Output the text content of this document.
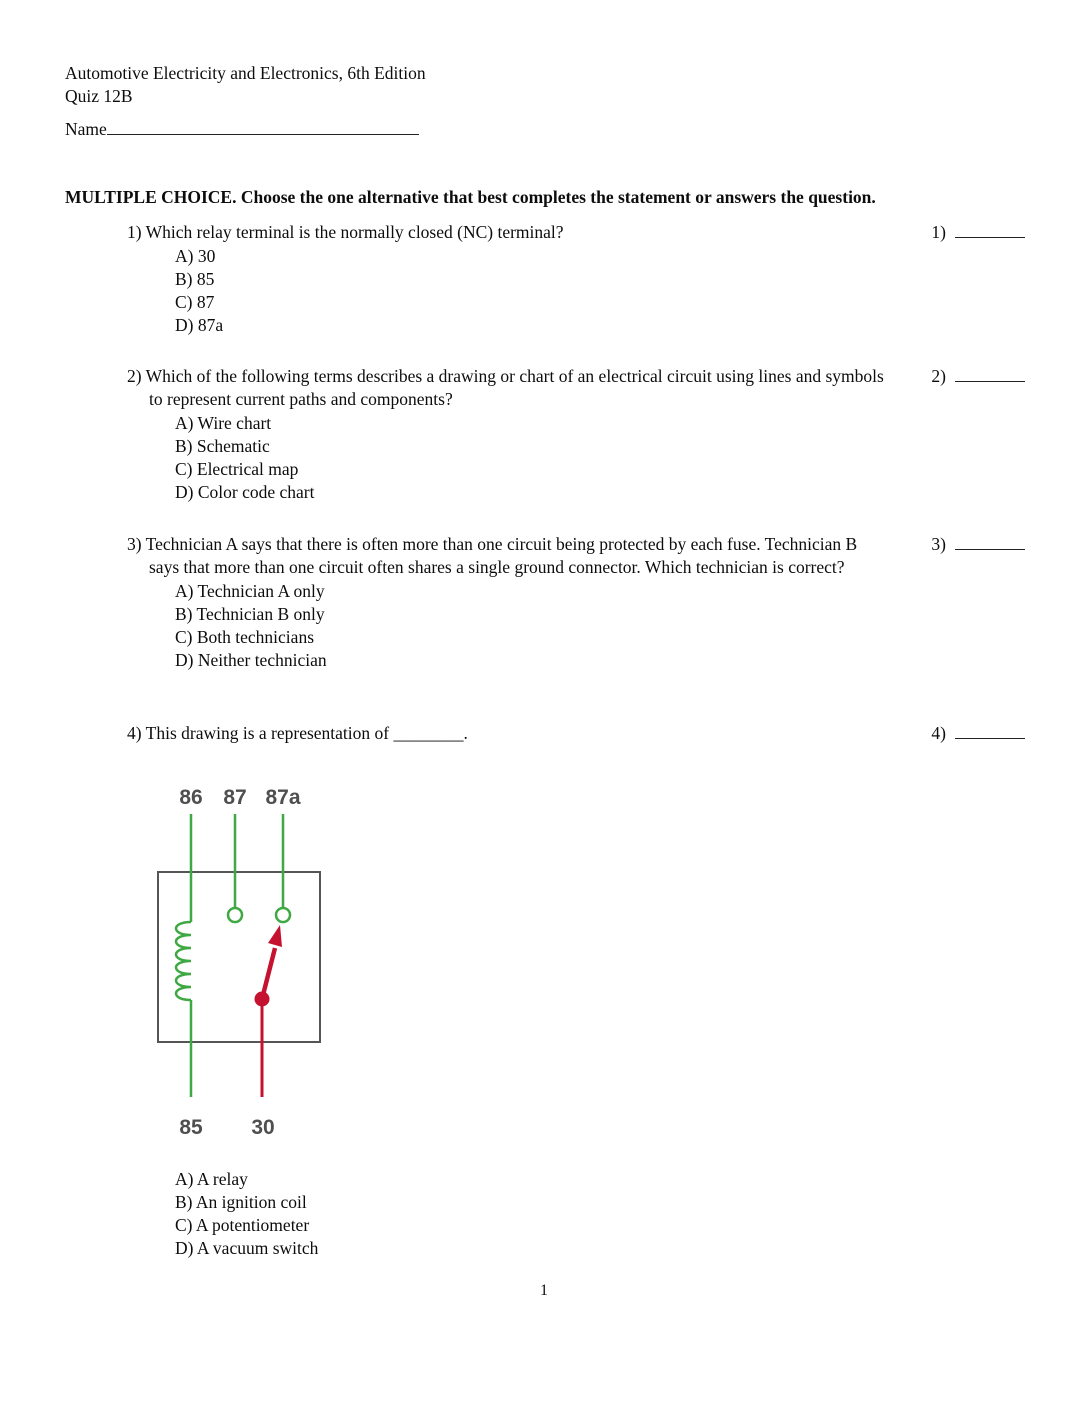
Automotive Electricity and Electronics, 6th Edition
Quiz 12B
Name
MULTIPLE CHOICE. Choose the one alternative that best completes the statement or answers the question.
1) Which relay terminal is the normally closed (NC) terminal?	1)
A) 30
B) 85
C) 87
D) 87a
2) Which of the following terms describes a drawing or chart of an electrical circuit using lines and symbols to represent current paths and components?
2)
A) Wire chart
B) Schematic
C) Electrical map
D) Color code chart
3) Technician A says that there is often more than one circuit being protected by each fuse. Technician B says that more than one circuit often shares a single ground connector. Which technician is correct?
3)
A) Technician A only
B) Technician B only
C) Both technicians
D) Neither technician
4) This drawing is a representation of ________.	4)
86 87 87a
85 30
A) A relay
B) An ignition coil
C) A potentiometer
D) A vacuum switch
1
